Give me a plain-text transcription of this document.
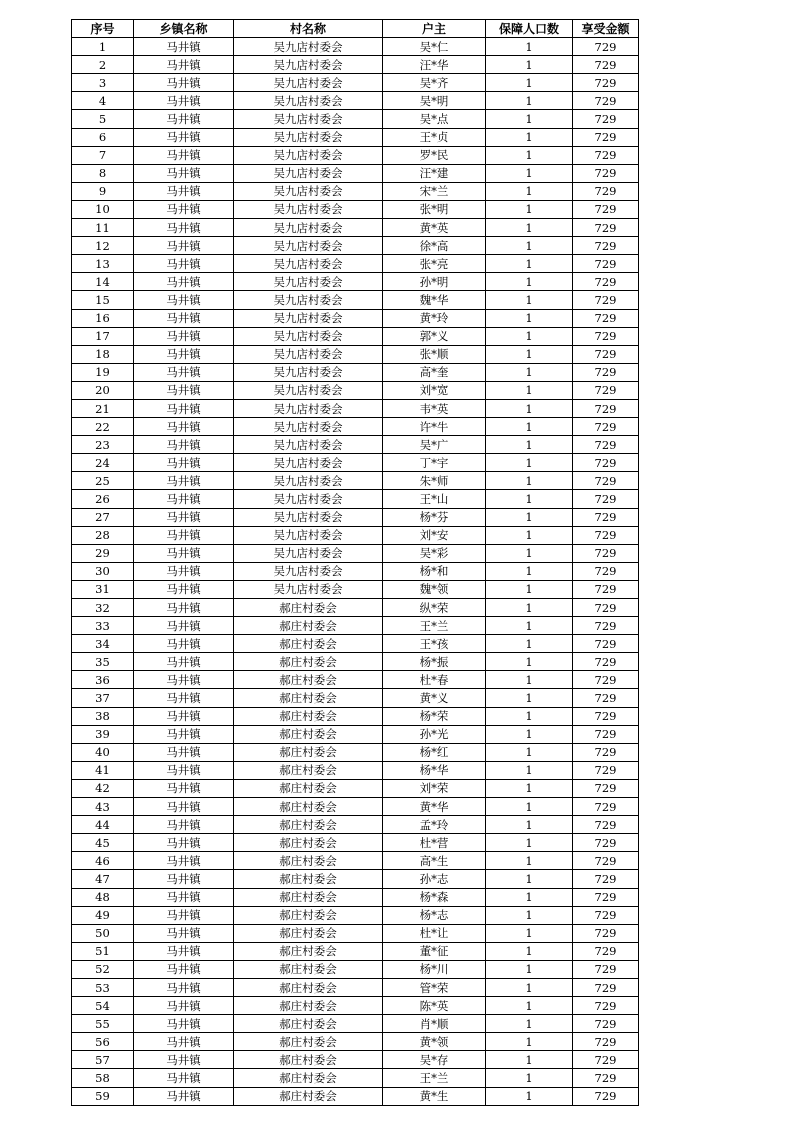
序号	乡镇名称	村名称	户主	保障人口数	享受金额
1	马井镇	吴九店村委会	吴*仁	1	729
2	马井镇	吴九店村委会	汪*华	1	729
3	马井镇	吴九店村委会	吴*齐	1	729
4	马井镇	吴九店村委会	吴*明	1	729
5	马井镇	吴九店村委会	吴*点	1	729
6	马井镇	吴九店村委会	王*贞	1	729
7	马井镇	吴九店村委会	罗*民	1	729
8	马井镇	吴九店村委会	汪*建	1	729
9	马井镇	吴九店村委会	宋*兰	1	729
10	马井镇	吴九店村委会	张*明	1	729
11	马井镇	吴九店村委会	黄*英	1	729
12	马井镇	吴九店村委会	徐*高	1	729
13	马井镇	吴九店村委会	张*亮	1	729
14	马井镇	吴九店村委会	孙*明	1	729
15	马井镇	吴九店村委会	魏*华	1	729
16	马井镇	吴九店村委会	黄*玲	1	729
17	马井镇	吴九店村委会	郭*义	1	729
18	马井镇	吴九店村委会	张*顺	1	729
19	马井镇	吴九店村委会	高*奎	1	729
20	马井镇	吴九店村委会	刘*宽	1	729
21	马井镇	吴九店村委会	韦*英	1	729
22	马井镇	吴九店村委会	许*牛	1	729
23	马井镇	吴九店村委会	吴*广	1	729
24	马井镇	吴九店村委会	丁*宇	1	729
25	马井镇	吴九店村委会	朱*师	1	729
26	马井镇	吴九店村委会	王*山	1	729
27	马井镇	吴九店村委会	杨*芬	1	729
28	马井镇	吴九店村委会	刘*安	1	729
29	马井镇	吴九店村委会	吴*彩	1	729
30	马井镇	吴九店村委会	杨*和	1	729
31	马井镇	吴九店村委会	魏*领	1	729
32	马井镇	郝庄村委会	纵*荣	1	729
33	马井镇	郝庄村委会	王*兰	1	729
34	马井镇	郝庄村委会	王*孩	1	729
35	马井镇	郝庄村委会	杨*振	1	729
36	马井镇	郝庄村委会	杜*春	1	729
37	马井镇	郝庄村委会	黄*义	1	729
38	马井镇	郝庄村委会	杨*荣	1	729
39	马井镇	郝庄村委会	孙*光	1	729
40	马井镇	郝庄村委会	杨*红	1	729
41	马井镇	郝庄村委会	杨*华	1	729
42	马井镇	郝庄村委会	刘*荣	1	729
43	马井镇	郝庄村委会	黄*华	1	729
44	马井镇	郝庄村委会	孟*玲	1	729
45	马井镇	郝庄村委会	杜*营	1	729
46	马井镇	郝庄村委会	高*生	1	729
47	马井镇	郝庄村委会	孙*志	1	729
48	马井镇	郝庄村委会	杨*森	1	729
49	马井镇	郝庄村委会	杨*志	1	729
50	马井镇	郝庄村委会	杜*让	1	729
51	马井镇	郝庄村委会	董*征	1	729
52	马井镇	郝庄村委会	杨*川	1	729
53	马井镇	郝庄村委会	管*荣	1	729
54	马井镇	郝庄村委会	陈*英	1	729
55	马井镇	郝庄村委会	肖*顺	1	729
56	马井镇	郝庄村委会	黄*领	1	729
57	马井镇	郝庄村委会	吴*存	1	729
58	马井镇	郝庄村委会	王*兰	1	729
59	马井镇	郝庄村委会	黄*生	1	729
